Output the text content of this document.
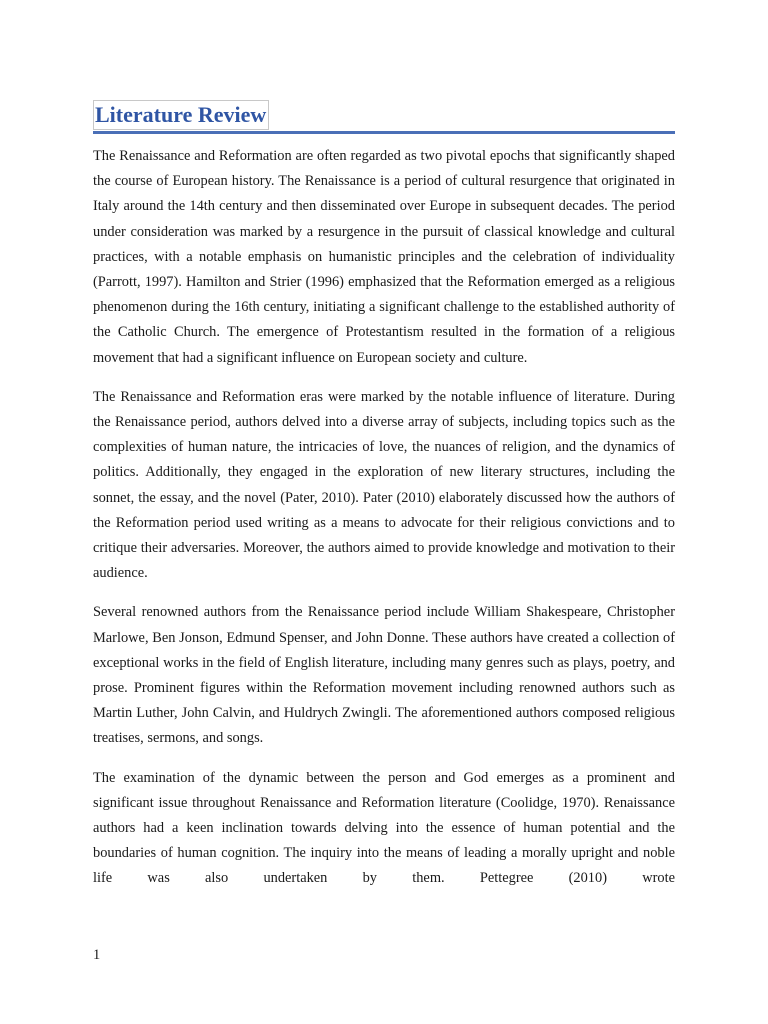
Literature Review

The Renaissance and Reformation are often regarded as two pivotal epochs that significantly shaped the course of European history. The Renaissance is a period of cultural resurgence that originated in Italy around the 14th century and then disseminated over Europe in subsequent decades. The period under consideration was marked by a resurgence in the pursuit of classical knowledge and cultural practices, with a notable emphasis on humanistic principles and the celebration of individuality (Parrott, 1997). Hamilton and Strier (1996) emphasized that the Reformation emerged as a religious phenomenon during the 16th century, initiating a significant challenge to the established authority of the Catholic Church. The emergence of Protestantism resulted in the formation of a religious movement that had a significant influence on European society and culture.

The Renaissance and Reformation eras were marked by the notable influence of literature. During the Renaissance period, authors delved into a diverse array of subjects, including topics such as the complexities of human nature, the intricacies of love, the nuances of religion, and the dynamics of politics. Additionally, they engaged in the exploration of new literary structures, including the sonnet, the essay, and the novel (Pater, 2010). Pater (2010) elaborately discussed how the authors of the Reformation period used writing as a means to advocate for their religious convictions and to critique their adversaries. Moreover, the authors aimed to provide knowledge and motivation to their audience.

Several renowned authors from the Renaissance period include William Shakespeare, Christopher Marlowe, Ben Jonson, Edmund Spenser, and John Donne. These authors have created a collection of exceptional works in the field of English literature, including many genres such as plays, poetry, and prose. Prominent figures within the Reformation movement including renowned authors such as Martin Luther, John Calvin, and Huldrych Zwingli. The aforementioned authors composed religious treatises, sermons, and songs.

The examination of the dynamic between the person and God emerges as a prominent and significant issue throughout Renaissance and Reformation literature (Coolidge, 1970). Renaissance authors had a keen inclination towards delving into the essence of human potential and the boundaries of human cognition. The inquiry into the means of leading a morally upright and noble life was also undertaken by them. Pettegree (2010) wrote

1
